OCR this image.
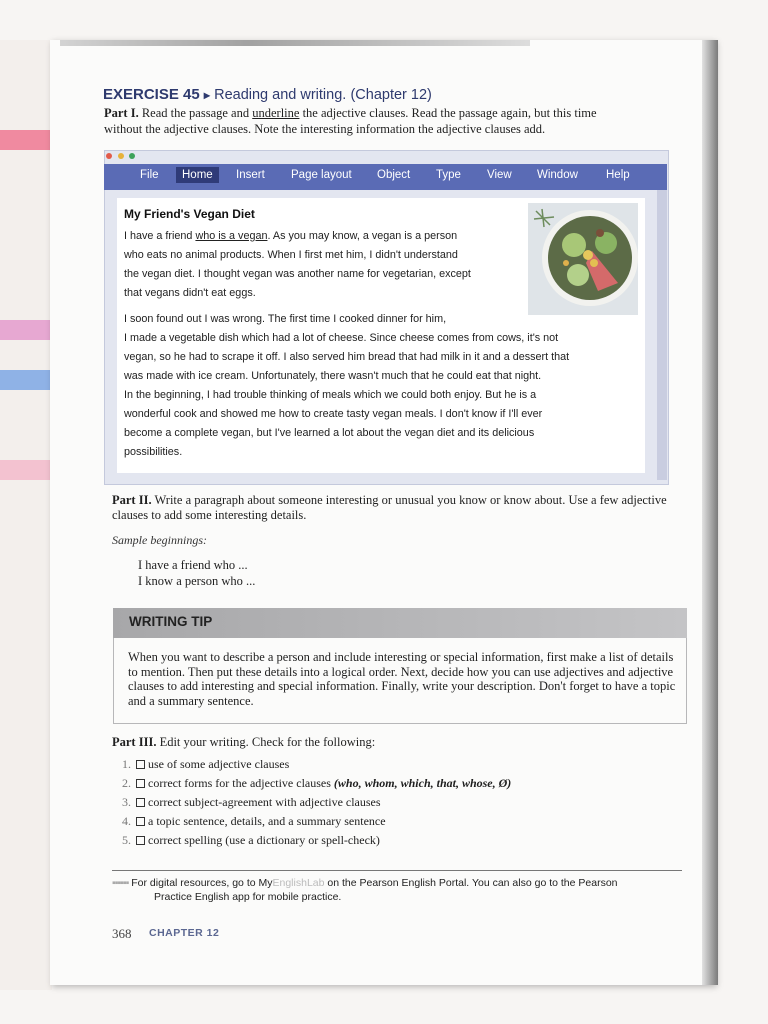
EXERCISE 45 ▸ Reading and writing. (Chapter 12)
Part I. Read the passage and underline the adjective clauses. Read the passage again, but this time
without the adjective clauses. Note the interesting information the adjective clauses add.

File	Home	Insert Page layout Object Type View Window Help
My Friend's Vegan Diet
I have a friend who is a vegan. As you may know, a vegan is a person
who eats no animal products. When I first met him, I didn't understand
the vegan diet. I thought vegan was another name for vegetarian, except
that vegans didn't eat eggs.
I soon found out I was wrong. The first time I cooked dinner for him,
I made a vegetable dish which had a lot of cheese. Since cheese comes from cows, it's not
vegan, so he had to scrape it off. I also served him bread that had milk in it and a dessert that
was made with ice cream. Unfortunately, there wasn't much that he could eat that night.
In the beginning, I had trouble thinking of meals which we could both enjoy. But he is a
wonderful cook and showed me how to create tasty vegan meals. I don't know if I'll ever
become a complete vegan, but I've learned a lot about the vegan diet and its delicious
possibilities.
Part II. Write a paragraph about someone interesting or unusual you know or know about. Use a few adjective clauses to add some interesting details.
Sample beginnings:
I have a friend who ...
I know a person who ...
WRITING TIP
When you want to describe a person and include interesting or special information, first make a list of details to mention. Then put these details into a logical order. Next, decide how you can use adjectives and adjective clauses to add interesting and special information. Finally, write your description. Don't forget to have a topic and a summary sentence.
Part III. Edit your writing. Check for the following:
1. use of some adjective clauses
2. correct forms for the adjective clauses (who, whom, which, that, whose, Ø)
3. correct subject-agreement with adjective clauses
4. a topic sentence, details, and a summary sentence
5. correct spelling (use a dictionary or spell-check)
▪▪▪▪▪▪ For digital resources, go to MyEnglishLab on the Pearson English Portal. You can also go to the Pearson
Practice English app for mobile practice.
368 CHAPTER 12
